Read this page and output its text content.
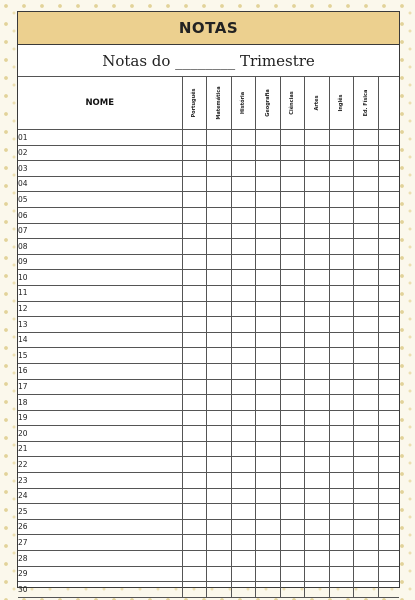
NOTAS
Notas do ________ Trimestre
NOME	Português	Matemática	História	Geografia	Ciências	Artes	Inglês	Ed. Física	

01									
02									
03									
04									
05									
06									
07									
08									
09									
10									
11									
12									
13									
14									
15									
16									
17									
18									
19									
20									
21									
22									
23									
24									
25									
26									
27									
28									
29									
30									
